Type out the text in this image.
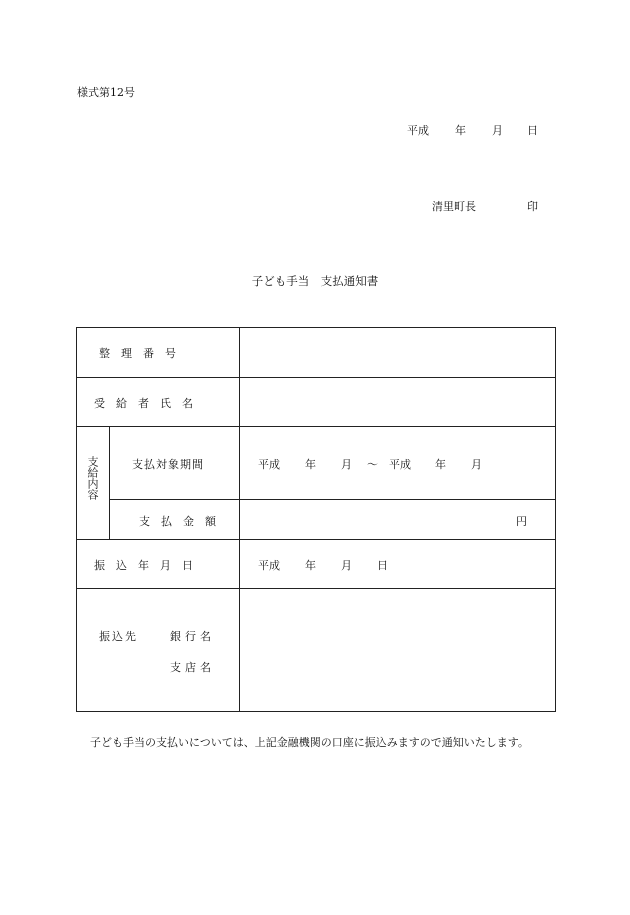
様式第12号
平成 年 月 日
清里町長	印
子ども手当　支払通知書
整　理　番　号
受　給　者　氏　名
支給内容	支払対象期間	平成 年 月 ～ 平成 年 月
支　払　金　額	円
振　込　年　月　日	平成 年 月 日
振込先	銀行名
支店名
子ども手当の支払いについては、上記金融機関の口座に振込みますので通知いたします。
